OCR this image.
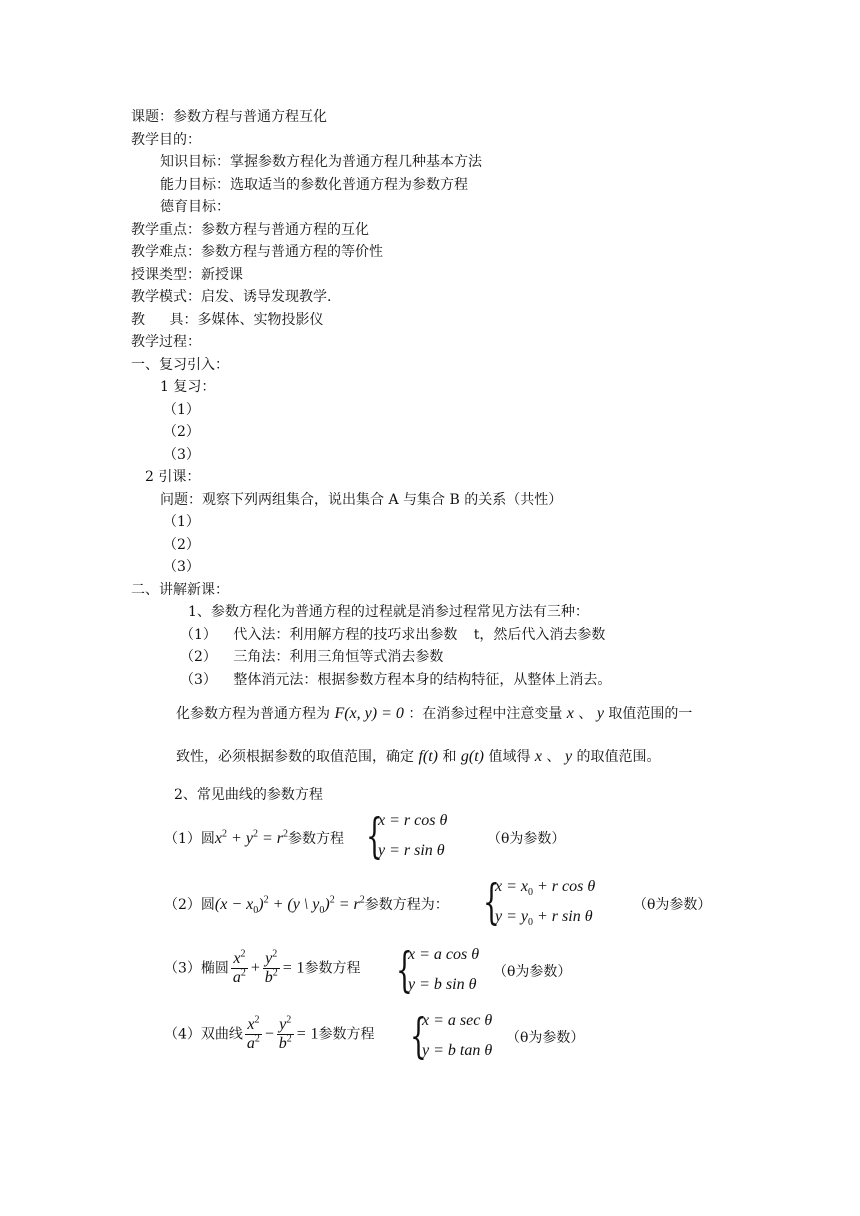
课题：参数方程与普通方程互化
教学目的：
知识目标：掌握参数方程化为普通方程几种基本方法
能力目标：选取适当的参数化普通方程为参数方程
德育目标：
教学重点：参数方程与普通方程的互化
教学难点：参数方程与普通方程的等价性
授课类型：新授课
教学模式：启发、诱导发现教学.
教 具：多媒体、实物投影仪
教学过程：
一、复习引入：
1 复习：
（1）
（2）
（3）
2 引课：
问题：观察下列两组集合，说出集合 A 与集合 B 的关系（共性）
（1）
（2）
（3）
二、讲解新课：
1、参数方程化为普通方程的过程就是消参过程常见方法有三种：
（1） 代入法：利用解方程的技巧求出参数 t，然后代入消去参数
（2） 三角法：利用三角恒等式消去参数
（3） 整体消元法：根据参数方程本身的结构特征，从整体上消去。
化参数方程为普通方程为 F(x, y) = 0 ：在消参过程中注意变量 x 、 y 取值范围的一
致性，必须根据参数的取值范围，确定 f(t) 和 g(t) 值域得 x 、 y 的取值范围。
2、常见曲线的参数方程
（1）圆$x^2 + y^2 = r^2$参数方程 {
x = r cos θ
y = r sin θ
（θ为参数）
（2）圆$(x - x_0)^2 + (y$ \ $y_0)^2 = r^2$参数方程为： {
$x = x_0 + r$ cos θ
$y = y_0 + r$ sin θ
（θ为参数）
（3）椭圆 $\frac{x^2}{a^2} + \frac{y^2}{b^2} = 1$参数方程 {
x = a cos θ
y = b sin θ
（θ为参数）
（4）双曲线 $\frac{x^2}{a^2} - \frac{y^2}{b^2} = 1$参数方程 {
x = a sec θ
y = b tan θ
（θ为参数）
